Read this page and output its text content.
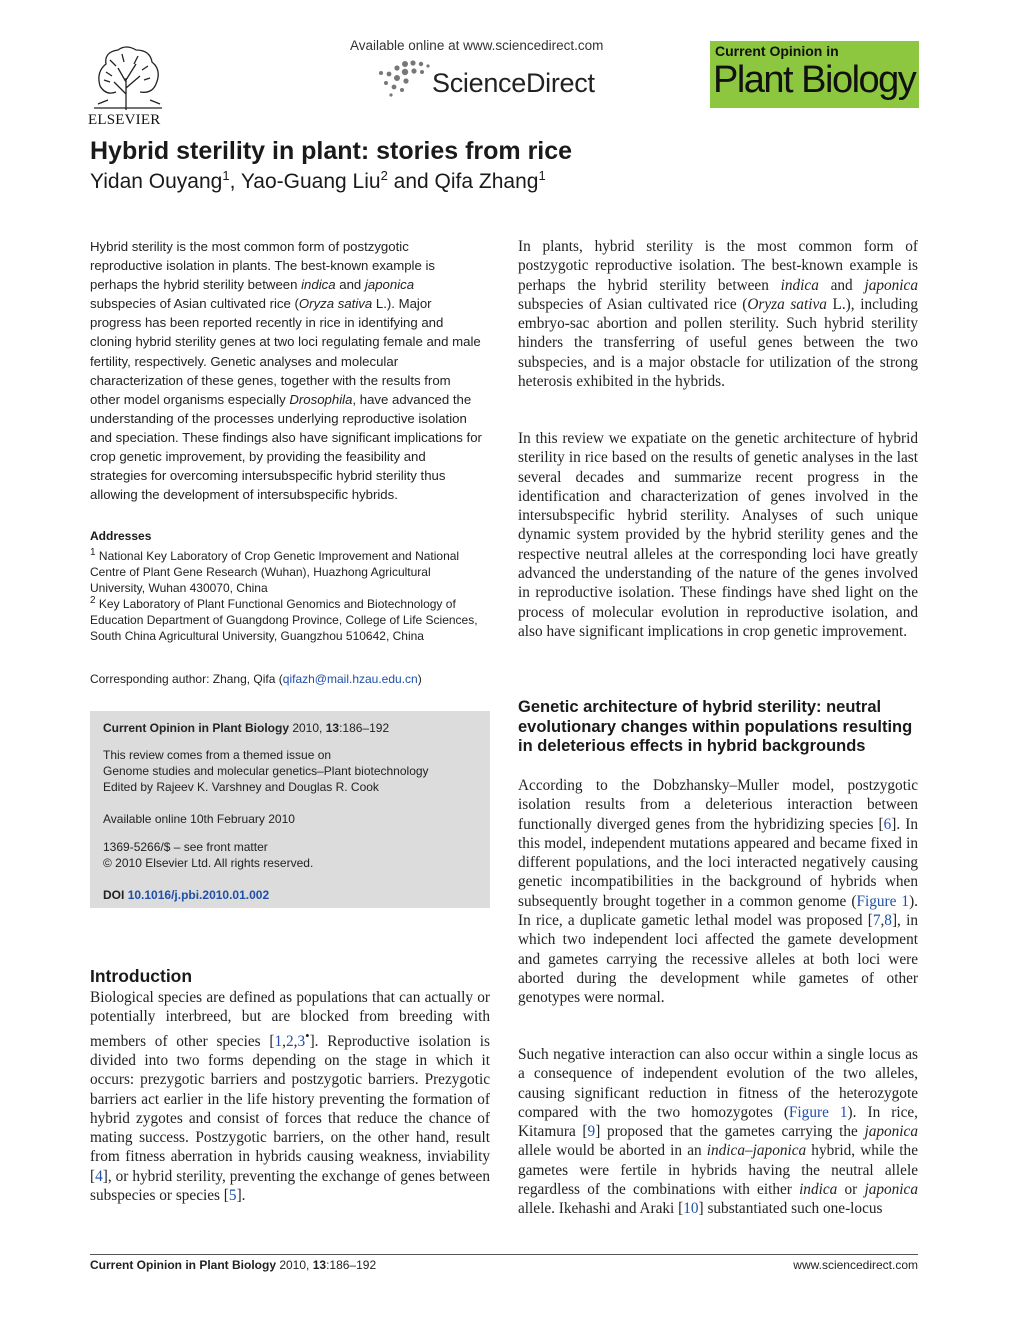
ELSEVIER
Available online at www.sciencedirect.com
ScienceDirect
Current Opinion in
Plant Biology
Hybrid sterility in plant: stories from rice
Yidan Ouyang$^1$, Yao-Guang Liu$^2$ and Qifa Zhang$^1$
Hybrid sterility is the most common form of postzygotic reproductive isolation in plants. The best-known example is perhaps the hybrid sterility between indica and japonica subspecies of Asian cultivated rice (Oryza sativa L.). Major progress has been reported recently in rice in identifying and cloning hybrid sterility genes at two loci regulating female and male fertility, respectively. Genetic analyses and molecular characterization of these genes, together with the results from other model organisms especially Drosophila, have advanced the understanding of the processes underlying reproductive isolation and speciation. These findings also have significant implications for crop genetic improvement, by providing the feasibility and strategies for overcoming intersubspecific hybrid sterility thus allowing the development of intersubspecific hybrids.
Addresses
$^1$ National Key Laboratory of Crop Genetic Improvement and National Centre of Plant Gene Research (Wuhan), Huazhong Agricultural University, Wuhan 430070, China
$^2$ Key Laboratory of Plant Functional Genomics and Biotechnology of Education Department of Guangdong Province, College of Life Sciences, South China Agricultural University, Guangzhou 510642, China
Corresponding author: Zhang, Qifa (qifazh@mail.hzau.edu.cn)
Current Opinion in Plant Biology 2010, 13:186–192
This review comes from a themed issue on
Genome studies and molecular genetics–Plant biotechnology
Edited by Rajeev K. Varshney and Douglas R. Cook
Available online 10th February 2010
1369-5266/$ – see front matter
© 2010 Elsevier Ltd. All rights reserved.
DOI 10.1016/j.pbi.2010.01.002
Introduction
Biological species are defined as populations that can actually or potentially interbreed, but are blocked from breeding with members of other species [1,2,3•]. Reproductive isolation is divided into two forms depending on the stage in which it occurs: prezygotic barriers and postzygotic barriers. Prezygotic barriers act earlier in the life history preventing the formation of hybrid zygotes and consist of forces that reduce the chance of mating success. Postzygotic barriers, on the other hand, result from fitness aberration in hybrids causing weakness, inviability [4], or hybrid sterility, preventing the exchange of genes between subspecies or species [5].
In plants, hybrid sterility is the most common form of postzygotic reproductive isolation. The best-known example is perhaps the hybrid sterility between indica and japonica subspecies of Asian cultivated rice (Oryza sativa L.), including embryo-sac abortion and pollen sterility. Such hybrid sterility hinders the transferring of useful genes between the two subspecies, and is a major obstacle for utilization of the strong heterosis exhibited in the hybrids.
In this review we expatiate on the genetic architecture of hybrid sterility in rice based on the results of genetic analyses in the last several decades and summarize recent progress in the identification and characterization of genes involved in the intersubspecific hybrid sterility. Analyses of such unique dynamic system provided by the hybrid sterility genes and the respective neutral alleles at the corresponding loci have greatly advanced the understanding of the nature of the genes involved in reproductive isolation. These findings have shed light on the process of molecular evolution in reproductive isolation, and also have significant implications in crop genetic improvement.
Genetic architecture of hybrid sterility: neutral evolutionary changes within populations resulting in deleterious effects in hybrid backgrounds
According to the Dobzhansky–Muller model, postzygotic isolation results from a deleterious interaction between functionally diverged genes from the hybridizing species [6]. In this model, independent mutations appeared and became fixed in different populations, and the loci interacted negatively causing genetic incompatibilities in the background of hybrids when subsequently brought together in a common genome (Figure 1). In rice, a duplicate gametic lethal model was proposed [7,8], in which two independent loci affected the gamete development and gametes carrying the recessive alleles at both loci were aborted during the development while gametes of other genotypes were normal.
Such negative interaction can also occur within a single locus as a consequence of independent evolution of the two alleles, causing significant reduction in fitness of the heterozygote compared with the two homozygotes (Figure 1). In rice, Kitamura [9] proposed that the gametes carrying the japonica allele would be aborted in an indica–japonica hybrid, while the gametes were fertile in hybrids having the neutral allele regardless of the combinations with either indica or japonica allele. Ikehashi and Araki [10] substantiated such one-locus
Current Opinion in Plant Biology 2010, 13:186–192	www.sciencedirect.com
